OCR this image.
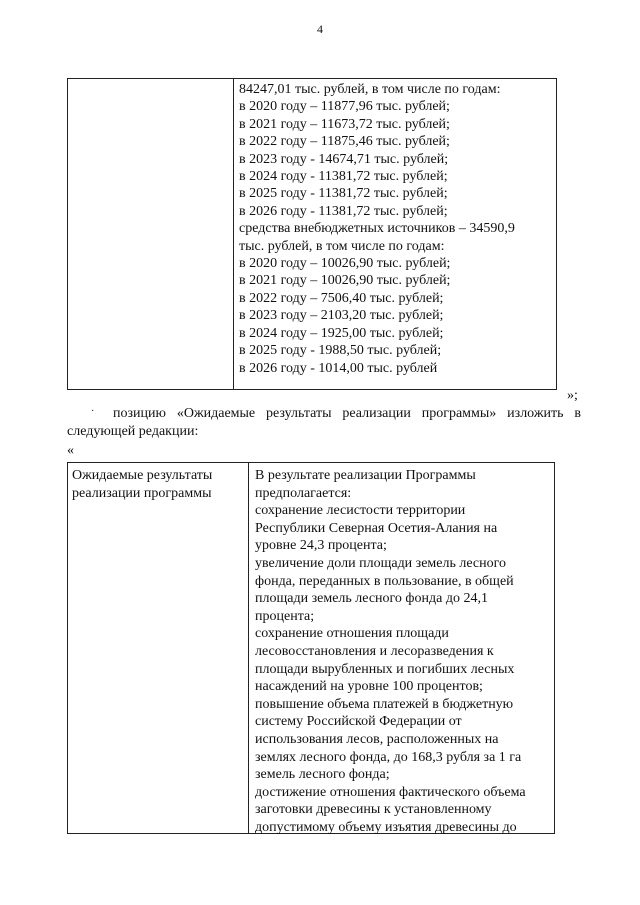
4
84247,01 тыс. рублей, в том числе по годам:
в 2020 году – 11877,96 тыс. рублей;
в 2021 году – 11673,72 тыс. рублей;
в 2022 году – 11875,46 тыс. рублей;
в 2023 году - 14674,71 тыс. рублей;
в 2024 году - 11381,72 тыс. рублей;
в 2025 году - 11381,72 тыс. рублей;
в 2026 году - 11381,72 тыс. рублей;
средства внебюджетных источников – 34590,9
тыс. рублей, в том числе по годам:
в 2020 году – 10026,90 тыс. рублей;
в 2021 году – 10026,90 тыс. рублей;
в 2022 году – 7506,40 тыс. рублей;
в 2023 году – 2103,20 тыс. рублей;
в 2024 году – 1925,00 тыс. рублей;
в 2025 году - 1988,50 тыс. рублей;
в 2026 году - 1014,00 тыс. рублей
»;
позицию «Ожидаемые результаты реализации программы» изложить в
следующей редакции:
·
«
Ожидаемые результаты
реализации программы
В результате реализации Программы
предполагается:
сохранение лесистости территории
Республики Северная Осетия-Алания на
уровне 24,3 процента;
увеличение доли площади земель лесного
фонда, переданных в пользование, в общей
площади земель лесного фонда до 24,1
процента;
сохранение отношения площади
лесовосстановления и лесоразведения к
площади вырубленных и погибших лесных
насаждений на уровне 100 процентов;
повышение объема платежей в бюджетную
систему Российской Федерации от
использования лесов, расположенных на
землях лесного фонда, до 168,3 рубля за 1 га
земель лесного фонда;
достижение отношения фактического объема
заготовки древесины к установленному
допустимому объему изъятия древесины до
